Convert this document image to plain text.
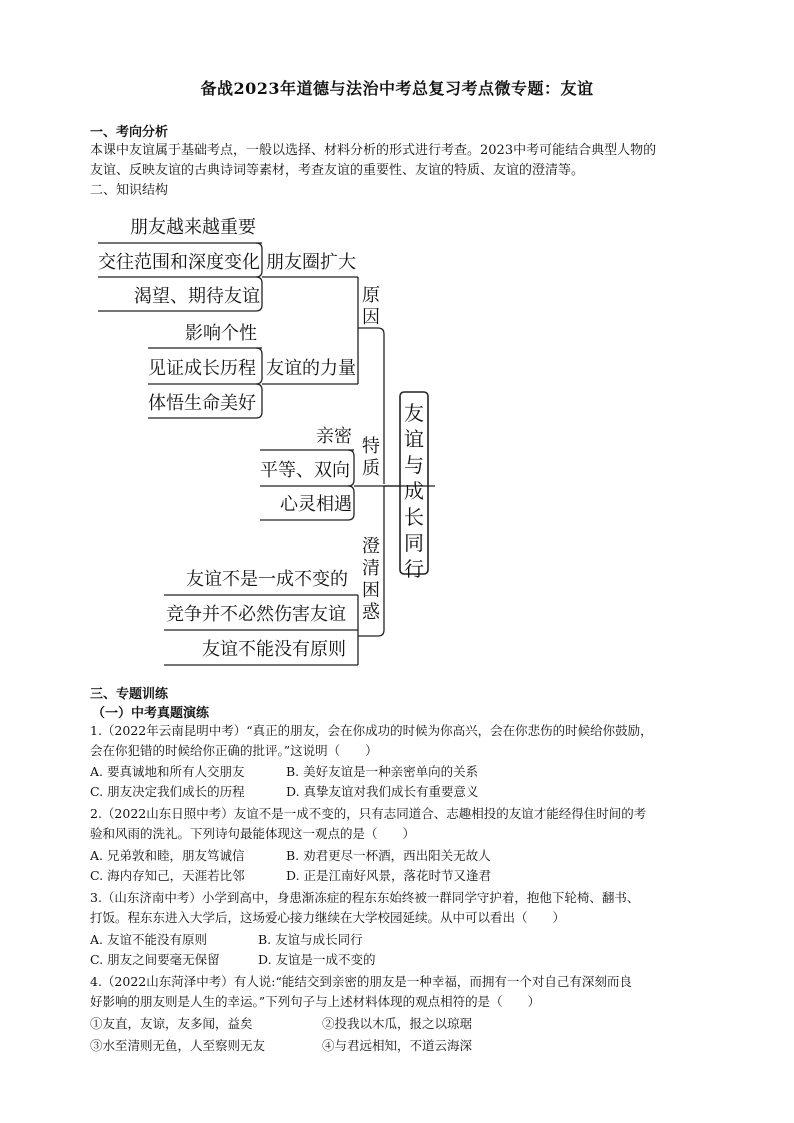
备战2023年道德与法治中考总复习考点微专题：友谊
一、考向分析
本课中友谊属于基础考点，一般以选择、材料分析的形式进行考查。2023中考可能结合典型人物的
友谊、反映友谊的古典诗词等素材，考查友谊的重要性、友谊的特质、友谊的澄清等。
二、知识结构
朋友越来越重要
交往范围和深度变化
渴望、期待友谊
朋友圈扩大
原因
影响个性
见证成长历程
体悟生命美好
友谊的力量
亲密
平等、双向
心灵相遇
特质
澄清困惑
友谊不是一成不变的
竞争并不必然伤害友谊
友谊不能没有原则
友谊与成长同行
三、专题训练
（一）中考真题演练
1.（2022年云南昆明中考）“真正的朋友，会在你成功的时候为你高兴，会在你悲伤的时候给你鼓励，
会在你犯错的时候给你正确的批评。”这说明（　　）
A. 要真诚地和所有人交朋友	B. 美好友谊是一种亲密单向的关系
C. 朋友决定我们成长的历程	D. 真挚友谊对我们成长有重要意义
2.（2022山东日照中考）友谊不是一成不变的，只有志同道合、志趣相投的友谊才能经得住时间的考
验和风雨的洗礼。下列诗句最能体现这一观点的是（　　）
A. 兄弟敦和睦，朋友笃诚信	B. 劝君更尽一杯酒，西出阳关无故人
C. 海内存知己，天涯若比邻	D. 正是江南好风景，落花时节又逢君
3.（山东济南中考）小学到高中，身患渐冻症的程东东始终被一群同学守护着，抱他下轮椅、翻书、
打饭。程东东进入大学后，这场爱心接力继续在大学校园延续。从中可以看出（　　）
A. 友谊不能没有原则	B. 友谊与成长同行
C. 朋友之间要毫无保留	D. 友谊是一成不变的
4.（2022山东菏泽中考）有人说:“能结交到亲密的朋友是一种幸福，而拥有一个对自己有深刻而良
好影响的朋友则是人生的幸运。”下列句子与上述材料体现的观点相符的是（　　）
①友直，友谅，友多闻，益矣	②投我以木瓜，报之以琼琚
③水至清则无鱼，人至察则无友	④与君远相知，不道云海深
